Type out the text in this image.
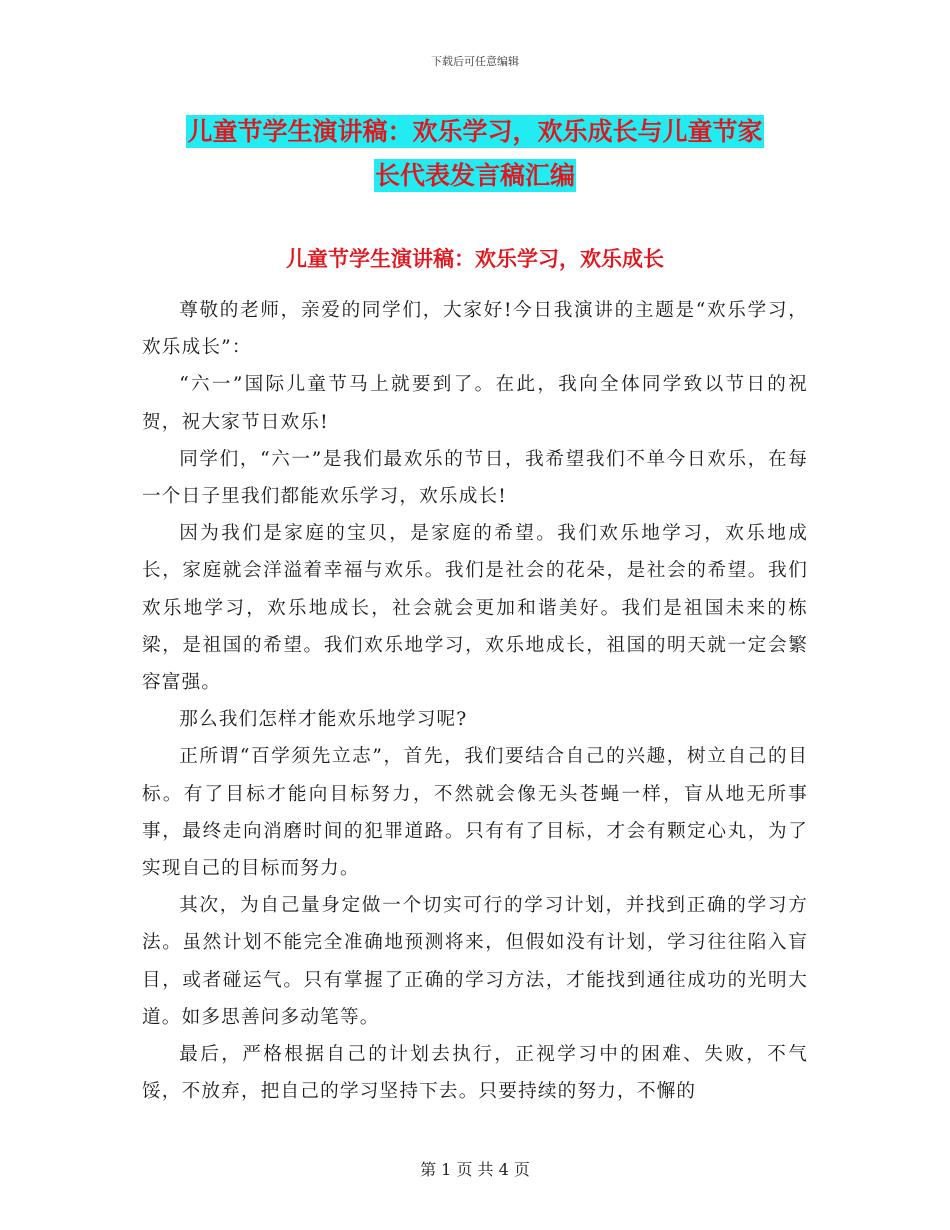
下载后可任意编辑
儿童节学生演讲稿：欢乐学习，欢乐成长与儿童节家
长代表发言稿汇编
儿童节学生演讲稿：欢乐学习，欢乐成长

尊敬的老师，亲爱的同学们，大家好!今日我演讲的主题是“欢乐学习，欢乐成长”：

“六一”国际儿童节马上就要到了。在此，我向全体同学致以节日的祝贺，祝大家节日欢乐!

同学们，“六一”是我们最欢乐的节日，我希望我们不单今日欢乐，在每一个日子里我们都能欢乐学习，欢乐成长!

因为我们是家庭的宝贝，是家庭的希望。我们欢乐地学习，欢乐地成长，家庭就会洋溢着幸福与欢乐。我们是社会的花朵，是社会的希望。我们欢乐地学习，欢乐地成长，社会就会更加和谐美好。我们是祖国未来的栋梁，是祖国的希望。我们欢乐地学习，欢乐地成长，祖国的明天就一定会繁容富强。

那么我们怎样才能欢乐地学习呢?

正所谓“百学须先立志”，首先，我们要结合自己的兴趣，树立自己的目标。有了目标才能向目标努力，不然就会像无头苍蝇一样，盲从地无所事事，最终走向消磨时间的犯罪道路。只有有了目标，才会有颗定心丸，为了实现自己的目标而努力。

其次，为自己量身定做一个切实可行的学习计划，并找到正确的学习方法。虽然计划不能完全准确地预测将来，但假如没有计划，学习往往陷入盲目，或者碰运气。只有掌握了正确的学习方法，才能找到通往成功的光明大道。如多思善问多动笔等。

最后，严格根据自己的计划去执行，正视学习中的困难、失败，不气馁，不放弃，把自己的学习坚持下去。只要持续的努力，不懈的

第 1 页 共 4 页
